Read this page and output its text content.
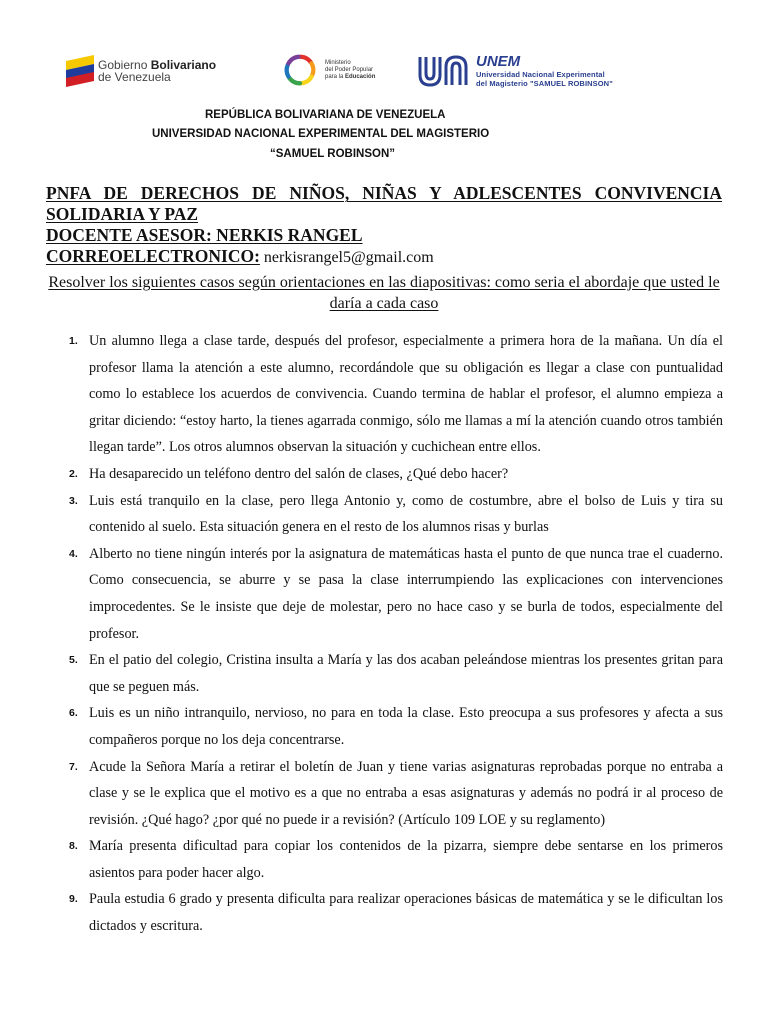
Gobierno Bolivariano
de Venezuela
Ministerio
del Poder Popular
para la Educación
UNEM
Universidad Nacional Experimental
del Magisterio "SAMUEL ROBINSON"
REPÚBLICA BOLIVARIANA DE VENEZUELA
UNIVERSIDAD NACIONAL EXPERIMENTAL DEL MAGISTERIO
“SAMUEL ROBINSON”
PNFA DE DERECHOS DE NIÑOS, NIÑAS Y ADLESCENTES CONVIVENCIA
SOLIDARIA Y PAZ
DOCENTE ASESOR: NERKIS RANGEL
CORREOELECTRONICO: nerkisrangel5@gmail.com
Resolver los siguientes casos según orientaciones en las diapositivas: como seria el abordaje que usted le daría a cada caso
1. Un alumno llega a clase tarde, después del profesor, especialmente a primera hora de la mañana. Un día el profesor llama la atención a este alumno, recordándole que su obligación es llegar a clase con puntualidad como lo establece los acuerdos de convivencia. Cuando termina de hablar el profesor, el alumno empieza a gritar diciendo: “estoy harto, la tienes agarrada conmigo, sólo me llamas a mí la atención cuando otros también llegan tarde”. Los otros alumnos observan la situación y cuchichean entre ellos.
2. Ha desaparecido un teléfono dentro del salón de clases, ¿Qué debo hacer?
3. Luis está tranquilo en la clase, pero llega Antonio y, como de costumbre, abre el bolso de Luis y tira su contenido al suelo. Esta situación genera en el resto de los alumnos risas y burlas
4. Alberto no tiene ningún interés por la asignatura de matemáticas hasta el punto de que nunca trae el cuaderno. Como consecuencia, se aburre y se pasa la clase interrumpiendo las explicaciones con intervenciones improcedentes. Se le insiste que deje de molestar, pero no hace caso y se burla de todos, especialmente del profesor.
5. En el patio del colegio, Cristina insulta a María y las dos acaban peleándose mientras los presentes gritan para que se peguen más.
6. Luis es un niño intranquilo, nervioso, no para en toda la clase. Esto preocupa a sus profesores y afecta a sus compañeros porque no los deja concentrarse.
7. Acude la Señora María a retirar el boletín de Juan y tiene varias asignaturas reprobadas porque no entraba a clase y se le explica que el motivo es a que no entraba a esas asignaturas y además no podrá ir al proceso de revisión. ¿Qué hago? ¿por qué no puede ir a revisión? (Artículo 109 LOE y su reglamento)
8. María presenta dificultad para copiar los contenidos de la pizarra, siempre debe sentarse en los primeros asientos para poder hacer algo.
9. Paula estudia 6 grado y presenta dificulta para realizar operaciones básicas de matemática y se le dificultan los dictados y escritura.
